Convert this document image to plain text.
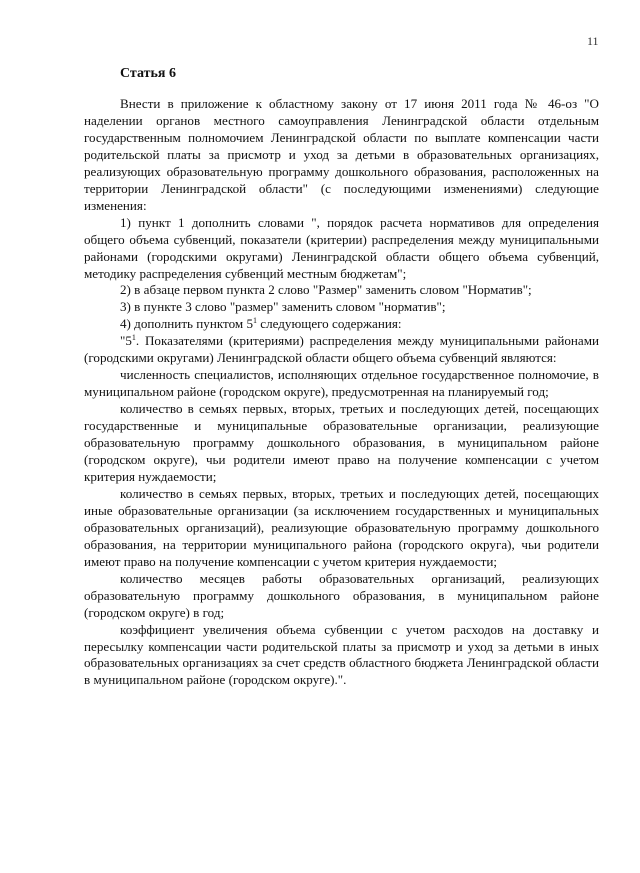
11
Статья 6

Внести в приложение к областному закону от 17 июня 2011 года № 46-оз "О наделении органов местного самоуправления Ленинградской области отдельным государственным полномочием Ленинградской области по выплате компенсации части родительской платы за присмотр и уход за детьми в образовательных организациях, реализующих образовательную программу дошкольного образования, расположенных на территории Ленинградской области" (с последующими изменениями) следующие изменения:

1) пункт 1 дополнить словами ", порядок расчета нормативов для определения общего объема субвенций, показатели (критерии) распределения между муниципальными районами (городскими округами) Ленинградской области общего объема субвенций, методику распределения субвенций местным бюджетам";

2) в абзаце первом пункта 2 слово "Размер" заменить словом "Норматив";

3) в пункте 3 слово "размер" заменить словом "норматив";

4) дополнить пунктом $5^1$ следующего содержания:

"$5^1$. Показателями (критериями) распределения между муниципальными районами (городскими округами) Ленинградской области общего объема субвенций являются:

численность специалистов, исполняющих отдельное государственное полномочие, в муниципальном районе (городском округе), предусмотренная на планируемый год;

количество в семьях первых, вторых, третьих и последующих детей, посещающих государственные и муниципальные образовательные организации, реализующие образовательную программу дошкольного образования, в муниципальном районе (городском округе), чьи родители имеют право на получение компенсации с учетом критерия нуждаемости;

количество в семьях первых, вторых, третьих и последующих детей, посещающих иные образовательные организации (за исключением государственных и муниципальных образовательных организаций), реализующие образовательную программу дошкольного образования, на территории муниципального района (городского округа), чьи родители имеют право на получение компенсации с учетом критерия нуждаемости;

количество месяцев работы образовательных организаций, реализующих образовательную программу дошкольного образования, в муниципальном районе (городском округе) в год;

коэффициент увеличения объема субвенции с учетом расходов на доставку и пересылку компенсации части родительской платы за присмотр и уход за детьми в иных образовательных организациях за счет средств областного бюджета Ленинградской области в муниципальном районе (городском округе).".
